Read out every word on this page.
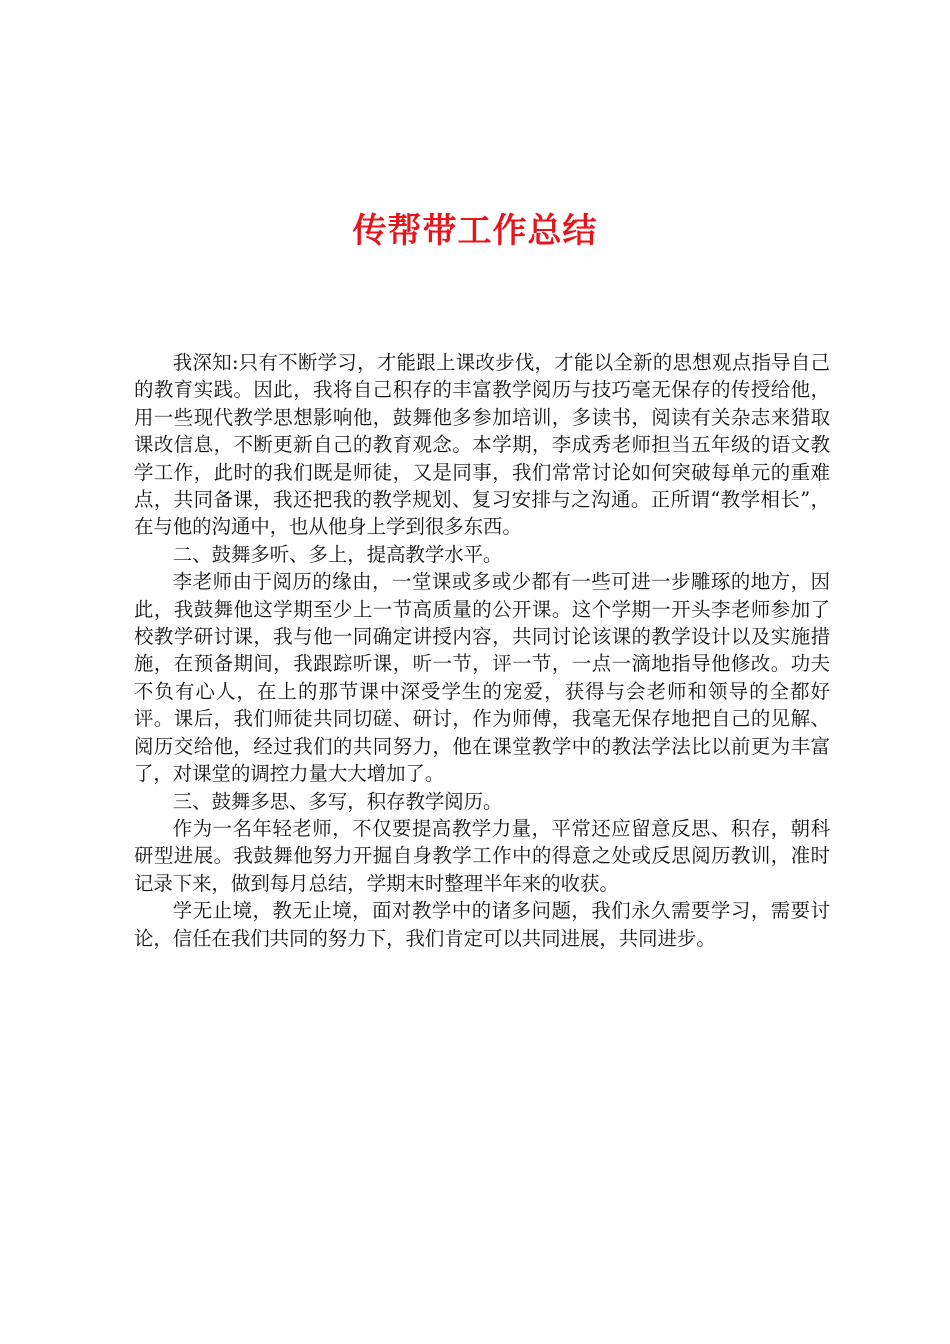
传帮带工作总结

我深知:只有不断学习，才能跟上课改步伐，才能以全新的思想观点指导自己的教育实践。因此，我将自己积存的丰富教学阅历与技巧毫无保存的传授给他，用一些现代教学思想影响他，鼓舞他多参加培训，多读书，阅读有关杂志来猎取课改信息，不断更新自己的教育观念。本学期，李成秀老师担当五年级的语文教学工作，此时的我们既是师徒，又是同事，我们常常讨论如何突破每单元的重难点，共同备课，我还把我的教学规划、复习安排与之沟通。正所谓“教学相长”，在与他的沟通中，也从他身上学到很多东西。

二、鼓舞多听、多上，提高教学水平。

李老师由于阅历的缘由，一堂课或多或少都有一些可进一步雕琢的地方，因此，我鼓舞他这学期至少上一节高质量的公开课。这个学期一开头李老师参加了校教学研讨课，我与他一同确定讲授内容，共同讨论该课的教学设计以及实施措施，在预备期间，我跟踪听课，听一节，评一节，一点一滴地指导他修改。功夫不负有心人，在上的那节课中深受学生的宠爱，获得与会老师和领导的全都好评。课后，我们师徒共同切磋、研讨，作为师傅，我毫无保存地把自己的见解、阅历交给他，经过我们的共同努力，他在课堂教学中的教法学法比以前更为丰富了，对课堂的调控力量大大增加了。

三、鼓舞多思、多写，积存教学阅历。

作为一名年轻老师，不仅要提高教学力量，平常还应留意反思、积存，朝科研型进展。我鼓舞他努力开掘自身教学工作中的得意之处或反思阅历教训，准时记录下来，做到每月总结，学期末时整理半年来的收获。

学无止境，教无止境，面对教学中的诸多问题，我们永久需要学习，需要讨论，信任在我们共同的努力下，我们肯定可以共同进展，共同进步。
